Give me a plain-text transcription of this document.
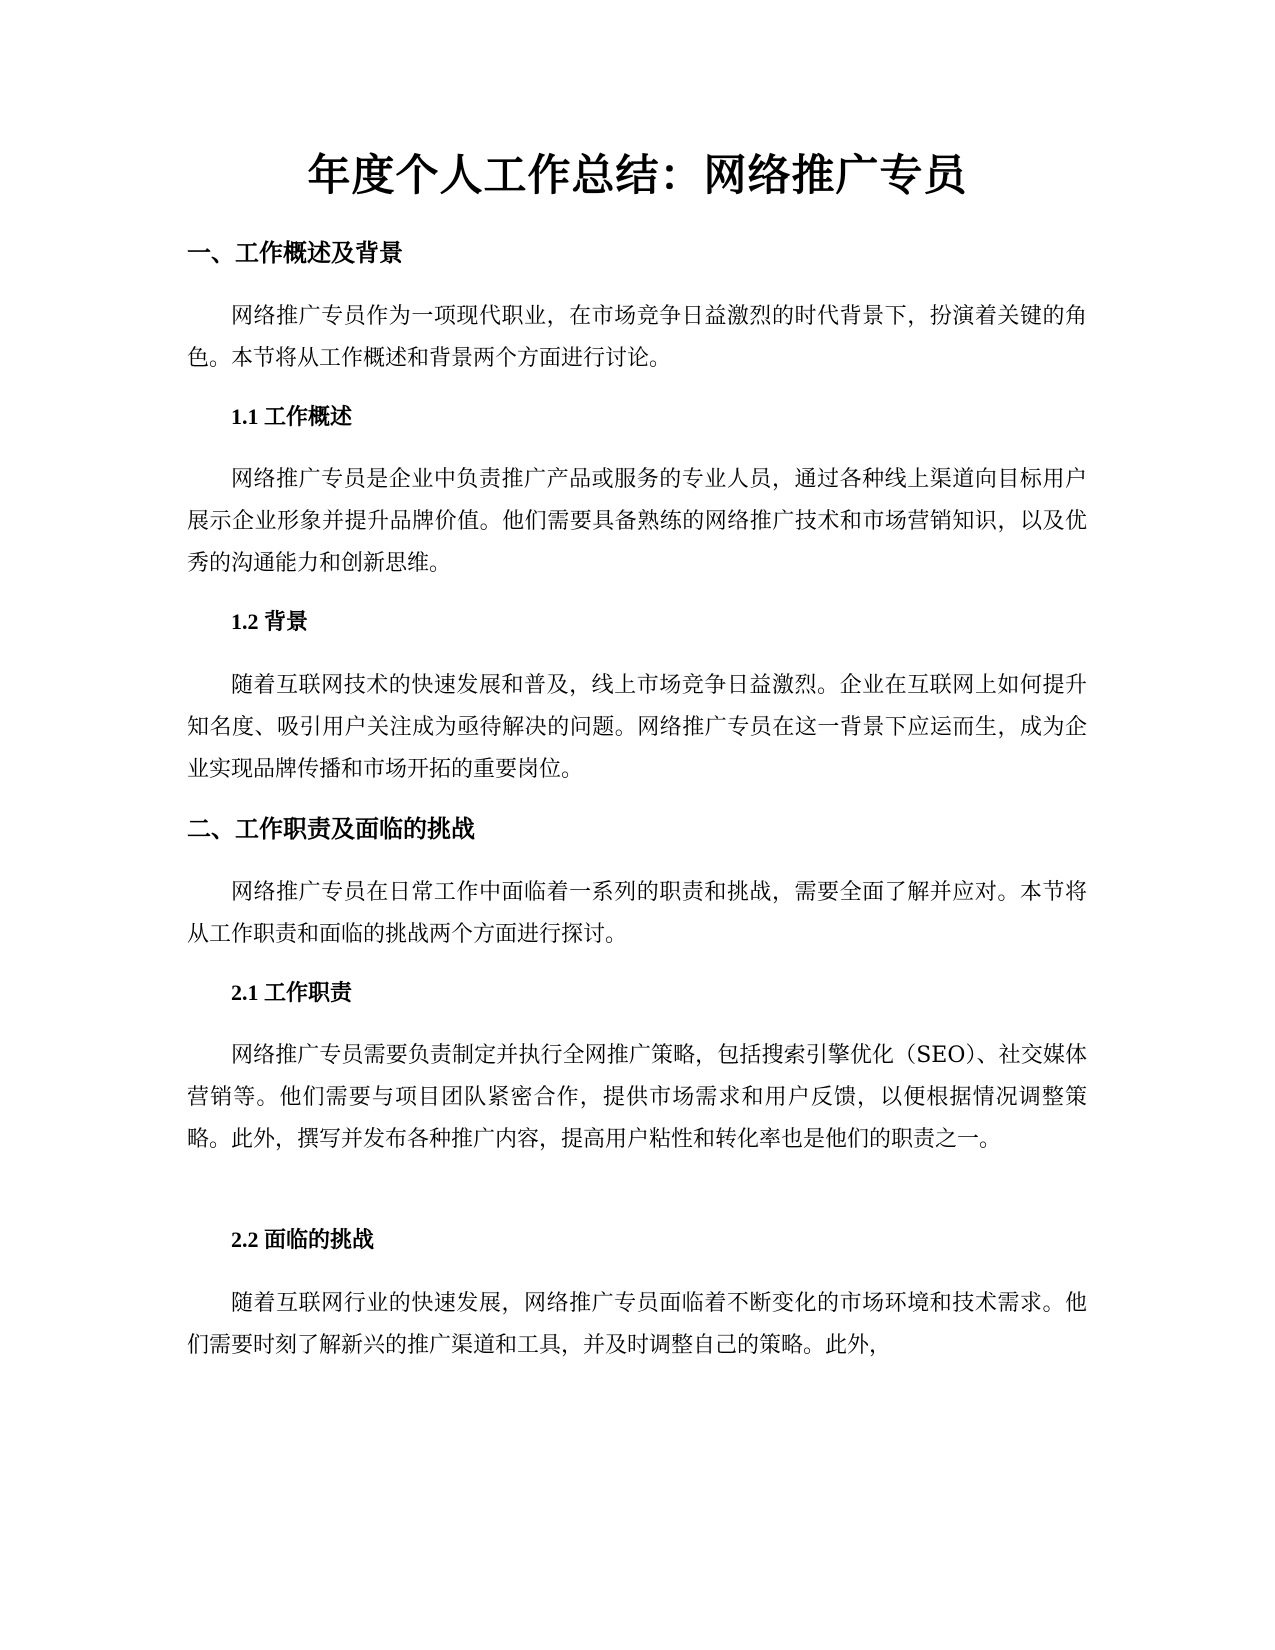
年度个人工作总结：网络推广专员
一、工作概述及背景

网络推广专员作为一项现代职业，在市场竞争日益激烈的时代背景下，扮演着关键的角色。本节将从工作概述和背景两个方面进行讨论。

1.1 工作概述

网络推广专员是企业中负责推广产品或服务的专业人员，通过各种线上渠道向目标用户展示企业形象并提升品牌价值。他们需要具备熟练的网络推广技术和市场营销知识，以及优秀的沟通能力和创新思维。

1.2 背景

随着互联网技术的快速发展和普及，线上市场竞争日益激烈。企业在互联网上如何提升知名度、吸引用户关注成为亟待解决的问题。网络推广专员在这一背景下应运而生，成为企业实现品牌传播和市场开拓的重要岗位。

二、工作职责及面临的挑战

网络推广专员在日常工作中面临着一系列的职责和挑战，需要全面了解并应对。本节将从工作职责和面临的挑战两个方面进行探讨。

2.1 工作职责

网络推广专员需要负责制定并执行全网推广策略，包括搜索引擎优化（SEO）、社交媒体营销等。他们需要与项目团队紧密合作，提供市场需求和用户反馈，以便根据情况调整策略。此外，撰写并发布各种推广内容，提高用户粘性和转化率也是他们的职责之一。

2.2 面临的挑战

随着互联网行业的快速发展，网络推广专员面临着不断变化的市场环境和技术需求。他们需要时刻了解新兴的推广渠道和工具，并及时调整自己的策略。此外，
